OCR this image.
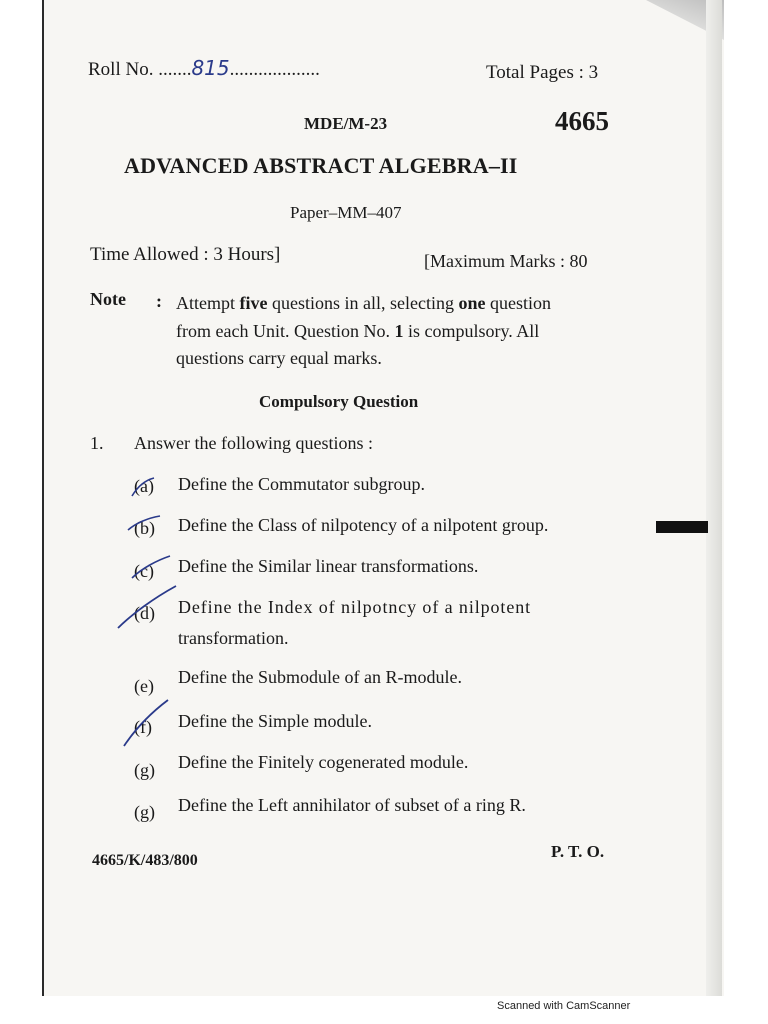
Roll No. .......815...................	Total Pages : 3
MDE/M-23	4665
ADVANCED ABSTRACT ALGEBRA–II
Paper–MM–407
Time Allowed : 3 Hours]	[Maximum Marks : 80
Note : Attempt five questions in all, selecting one question
from each Unit. Question No. 1 is compulsory. All
questions carry equal marks.
Compulsory Question
1. Answer the following questions :
(a) Define the Commutator subgroup.
(b) Define the Class of nilpotency of a nilpotent group.
(c) Define the Similar linear transformations.
(d) Define the Index of nilpotncy of a nilpotent
transformation.
(e) Define the Submodule of an R-module.
(f) Define the Simple module.
(g) Define the Finitely cogenerated module.
(g) Define the Left annihilator of subset of a ring R.
4665/K/483/800	P. T. O.
Scanned with CamScanner
